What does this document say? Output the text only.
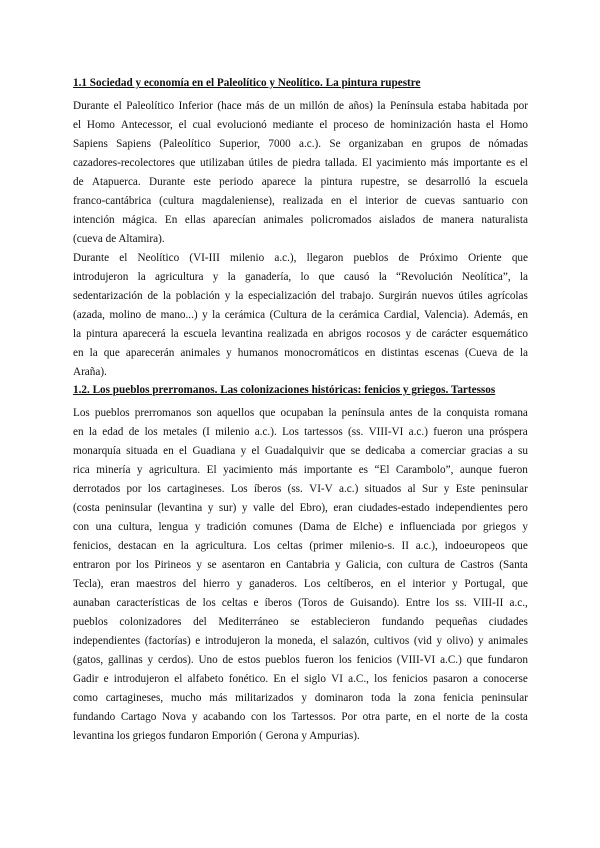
1.1 Sociedad y economía en el Paleolítico y Neolítico. La pintura rupestre
Durante el Paleolítico Inferior (hace más de un millón de años) la Península estaba habitada por
el Homo Antecessor, el cual evolucionó mediante el proceso de hominización hasta el Homo
Sapiens Sapiens (Paleolítico Superior, 7000 a.c.). Se organizaban en grupos de nómadas
cazadores-recolectores que utilizaban útiles de piedra tallada. El yacimiento más importante es el
de Atapuerca. Durante este periodo aparece la pintura rupestre, se desarrolló la escuela
franco-cantábrica (cultura magdaleniense), realizada en el interior de cuevas santuario con
intención mágica. En ellas aparecían animales policromados aislados de manera naturalista
(cueva de Altamira).
Durante el Neolítico (VI-III milenio a.c.), llegaron pueblos de Próximo Oriente que
introdujeron la agricultura y la ganadería, lo que causó la “Revolución Neolítica”, la
sedentarización de la población y la especialización del trabajo. Surgirán nuevos útiles agrícolas
(azada, molino de mano...) y la cerámica (Cultura de la cerámica Cardial, Valencia). Además, en
la pintura aparecerá la escuela levantina realizada en abrigos rocosos y de carácter esquemático
en la que aparecerán animales y humanos monocromáticos en distintas escenas (Cueva de la
Araña).
1.2. Los pueblos prerromanos. Las colonizaciones históricas: fenicios y griegos. Tartessos
Los pueblos prerromanos son aquellos que ocupaban la península antes de la conquista romana
en la edad de los metales (I milenio a.c.). Los tartessos (ss. VIII-VI a.c.) fueron una próspera
monarquía situada en el Guadiana y el Guadalquivir que se dedicaba a comerciar gracias a su
rica minería y agricultura. El yacimiento más importante es “El Carambolo”, aunque fueron
derrotados por los cartagineses. Los íberos (ss. VI-V a.c.) situados al Sur y Este peninsular
(costa peninsular (levantina y sur) y valle del Ebro), eran ciudades-estado independientes pero
con una cultura, lengua y tradición comunes (Dama de Elche) e influenciada por griegos y
fenicios, destacan en la agricultura. Los celtas (primer milenio-s. II a.c.), indoeuropeos que
entraron por los Pirineos y se asentaron en Cantabria y Galicia, con cultura de Castros (Santa
Tecla), eran maestros del hierro y ganaderos. Los celtíberos, en el interior y Portugal, que
aunaban características de los celtas e íberos (Toros de Guisando). Entre los ss. VIII-II a.c.,
pueblos colonizadores del Mediterráneo se establecieron fundando pequeñas ciudades
independientes (factorías) e introdujeron la moneda, el salazón, cultivos (vid y olivo) y animales
(gatos, gallinas y cerdos). Uno de estos pueblos fueron los fenicios (VIII-VI a.C.) que fundaron
Gadir e introdujeron el alfabeto fonético. En el siglo VI a.C., los fenicios pasaron a conocerse
como cartagineses, mucho más militarizados y dominaron toda la zona fenicia peninsular
fundando Cartago Nova y acabando con los Tartessos. Por otra parte, en el norte de la costa
levantina los griegos fundaron Emporión ( Gerona y Ampurias).
